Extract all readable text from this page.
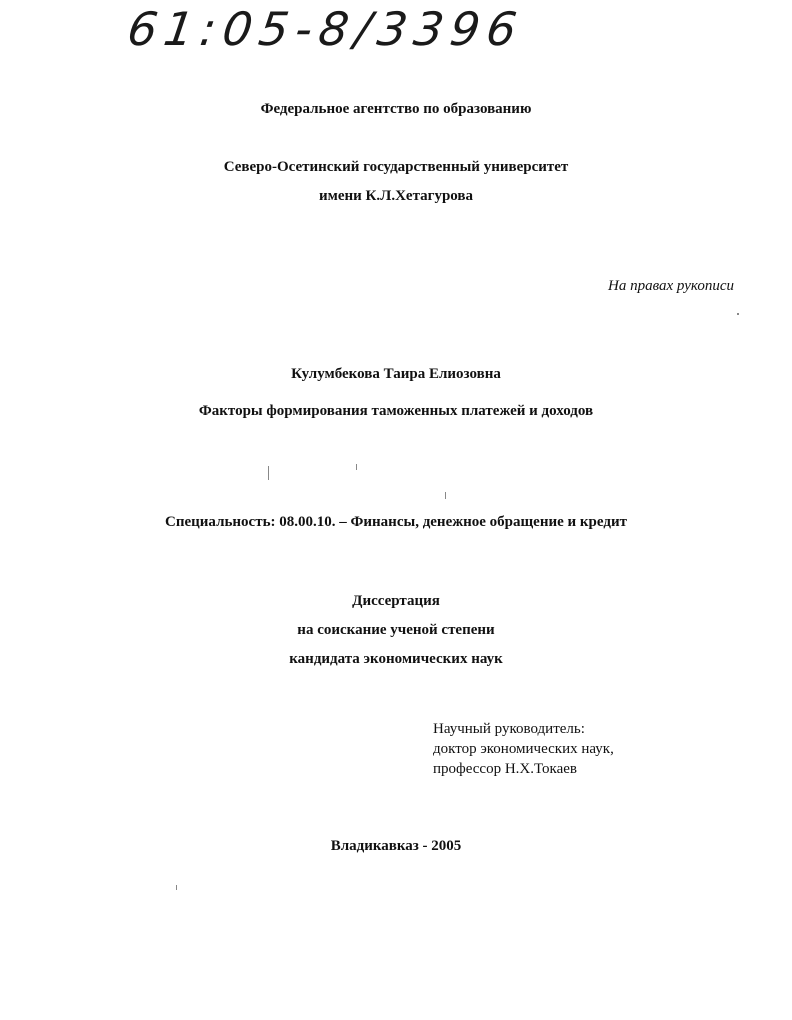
61:05-8/3396

Федеральное агентство по образованию

Северо-Осетинский государственный университет

имени К.Л.Хетагурова

На правах рукописи

Кулумбекова Таира Елиозовна

Факторы формирования таможенных платежей и доходов

Специальность: 08.00.10. – Финансы, денежное обращение и кредит

Диссертация

на соискание ученой степени

кандидата экономических наук

Научный руководитель:

доктор экономических наук,

профессор Н.Х.Токаев

Владикавказ - 2005
